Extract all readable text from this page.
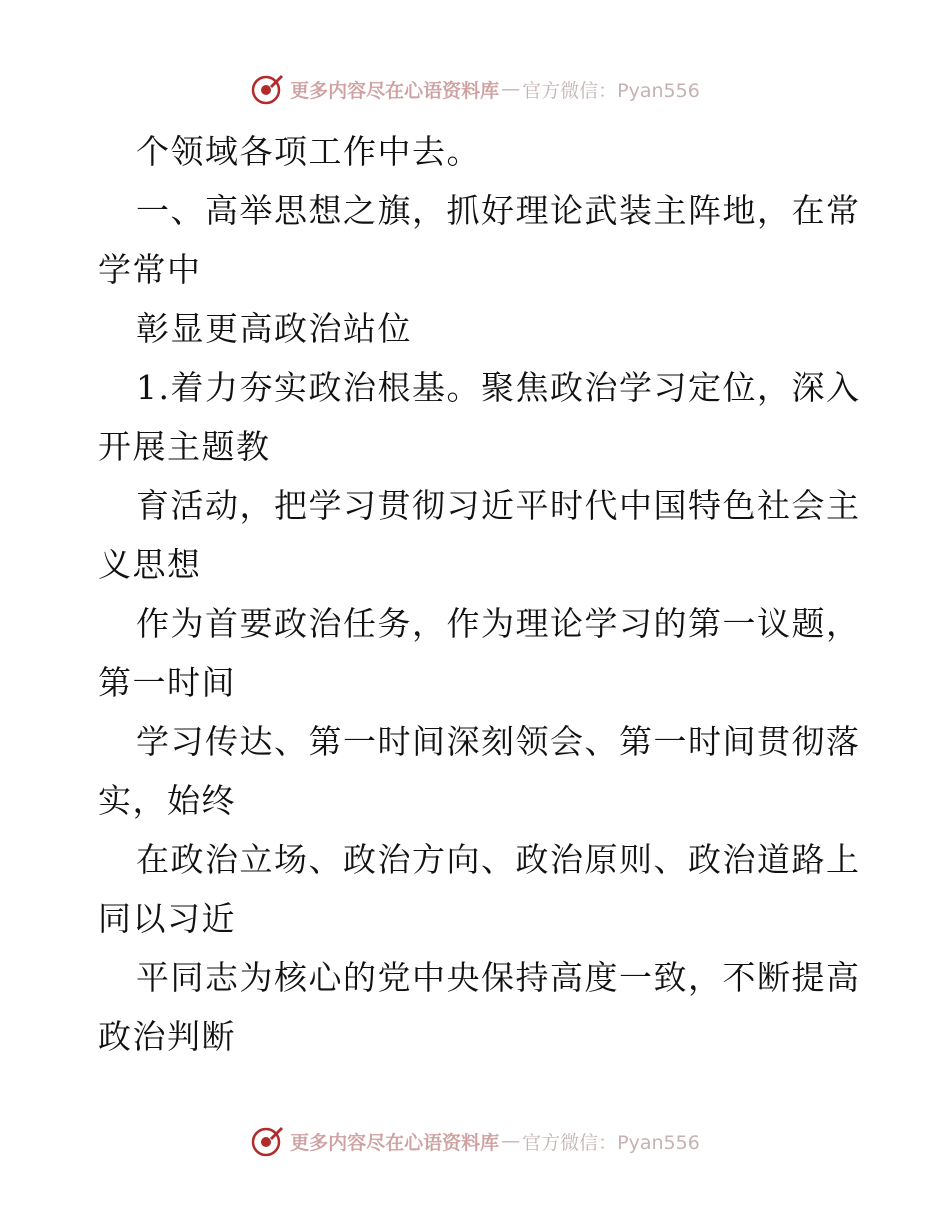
更多内容尽在心语资料库 — 官方微信：Pyan556
个领域各项工作中去。
一、高举思想之旗，抓好理论武装主阵地，在常
学常中
彰显更高政治站位
1.着力夯实政治根基。聚焦政治学习定位，深入
开展主题教
育活动，把学习贯彻习近平时代中国特色社会主
义思想
作为首要政治任务，作为理论学习的第一议题，
第一时间
学习传达、第一时间深刻领会、第一时间贯彻落
实，始终
在政治立场、政治方向、政治原则、政治道路上
同以习近
平同志为核心的党中央保持高度一致，不断提高
政治判断
更多内容尽在心语资料库 — 官方微信：Pyan556
